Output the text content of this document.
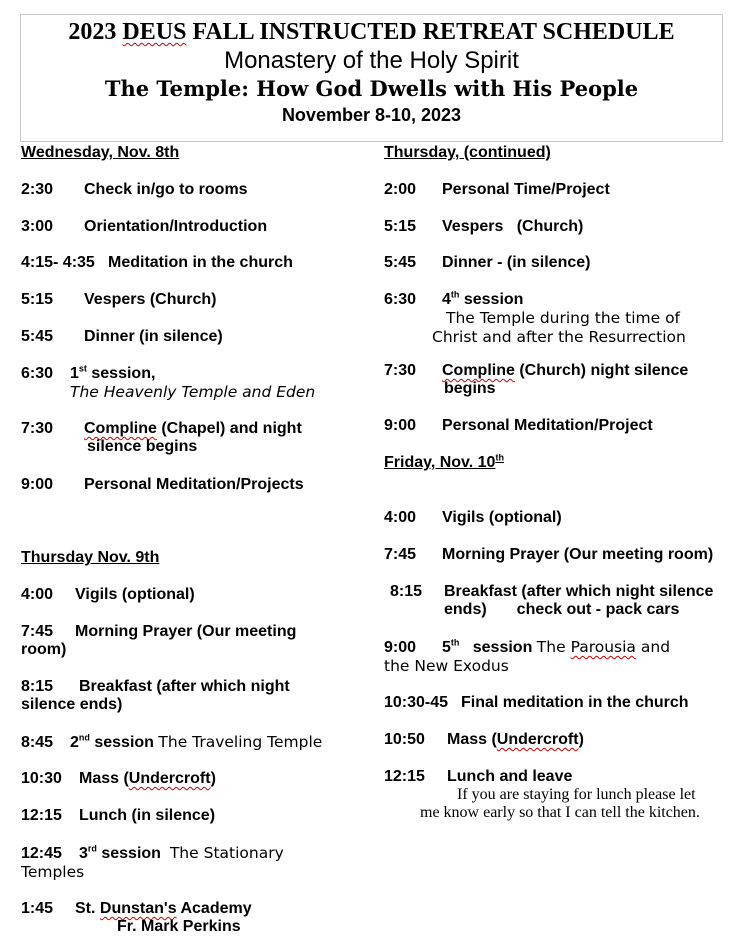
2023 DEUS FALL INSTRUCTED RETREAT SCHEDULE
Monastery of the Holy Spirit
The Temple: How God Dwells with His People
November 8-10, 2023
Wednesday, Nov. 8th
2:30 Check in/go to rooms
3:00 Orientation/Introduction
4:15- 4:35 Meditation in the church
5:15 Vespers (Church)
5:45 Dinner (in silence)
6:30 1st session,
The Heavenly Temple and Eden
7:30 Compline (Chapel) and night
silence begins
9:00 Personal Meditation/Projects
Thursday Nov. 9th
4:00 Vigils (optional)
7:45 Morning Prayer (Our meeting
room)
8:15 Breakfast (after which night
silence ends)
8:45 2nd session The Traveling Temple
10:30 Mass (Undercroft)
12:15 Lunch (in silence)
12:45 3rd session The Stationary
Temples
1:45 St. Dunstan's Academy
Fr. Mark Perkins
Thursday, (continued)
2:00 Personal Time/Project
5:15 Vespers   (Church)
5:45 Dinner - (in silence)
6:30 4th session
The Temple during the time of
Christ and after the Resurrection
7:30 Compline (Church) night silence
begins
9:00 Personal Meditation/Project
Friday, Nov. 10th
4:00 Vigils (optional)
7:45 Morning Prayer (Our meeting room)
8:15 Breakfast (after which night silence
ends) check out - pack cars
9:00 5th session The Parousia and
the New Exodus
10:30-45 Final meditation in the church
10:50 Mass (Undercroft)
12:15 Lunch and leave
If you are staying for lunch please let
me know early so that I can tell the kitchen.
